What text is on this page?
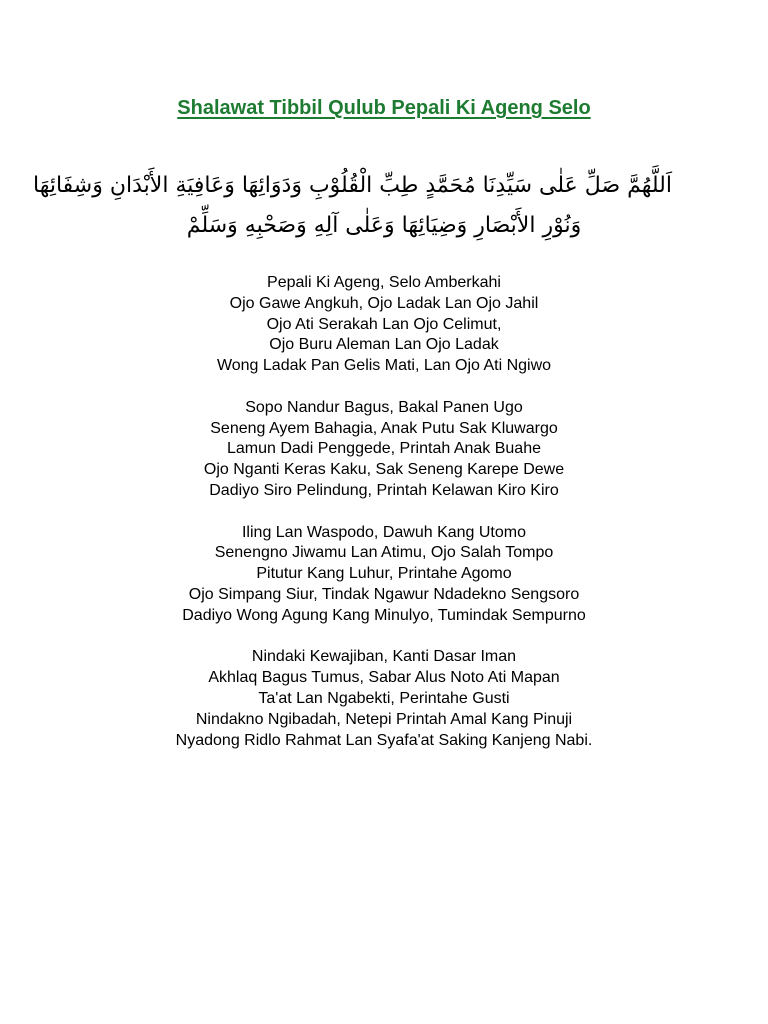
Shalawat Tibbil Qulub Pepali Ki Ageng Selo
اَللَّهُمَّ صَلِّ عَلٰى سَيِّدِنَا مُحَمَّدٍ طِبِّ الْقُلُوْبِ وَدَوَائِهَا وَعَافِيَةِ الأَبْدَانِ وَشِفَائِهَا
وَنُوْرِ الأَبْصَارِ وَضِيَائِهَا وَعَلٰى آلِهِ وَصَحْبِهِ وَسَلِّمْ
Pepali Ki Ageng, Selo Amberkahi
Ojo Gawe Angkuh, Ojo Ladak Lan Ojo Jahil
Ojo Ati Serakah Lan Ojo Celimut,
Ojo Buru Aleman Lan Ojo Ladak
Wong Ladak Pan Gelis Mati, Lan Ojo Ati Ngiwo
Sopo Nandur Bagus, Bakal Panen Ugo
Seneng Ayem Bahagia, Anak Putu Sak Kluwargo
Lamun Dadi Penggede, Printah Anak Buahe
Ojo Nganti Keras Kaku, Sak Seneng Karepe Dewe
Dadiyo Siro Pelindung, Printah Kelawan Kiro Kiro
Iling Lan Waspodo, Dawuh Kang Utomo
Senengno Jiwamu Lan Atimu, Ojo Salah Tompo
Pitutur Kang Luhur, Printahe Agomo
Ojo Simpang Siur, Tindak Ngawur Ndadekno Sengsoro
Dadiyo Wong Agung Kang Minulyo, Tumindak Sempurno
Nindaki Kewajiban, Kanti Dasar Iman
Akhlaq Bagus Tumus, Sabar Alus Noto Ati Mapan
Ta'at Lan Ngabekti, Perintahe Gusti
Nindakno Ngibadah, Netepi Printah Amal Kang Pinuji
Nyadong Ridlo Rahmat Lan Syafa'at Saking Kanjeng Nabi.
